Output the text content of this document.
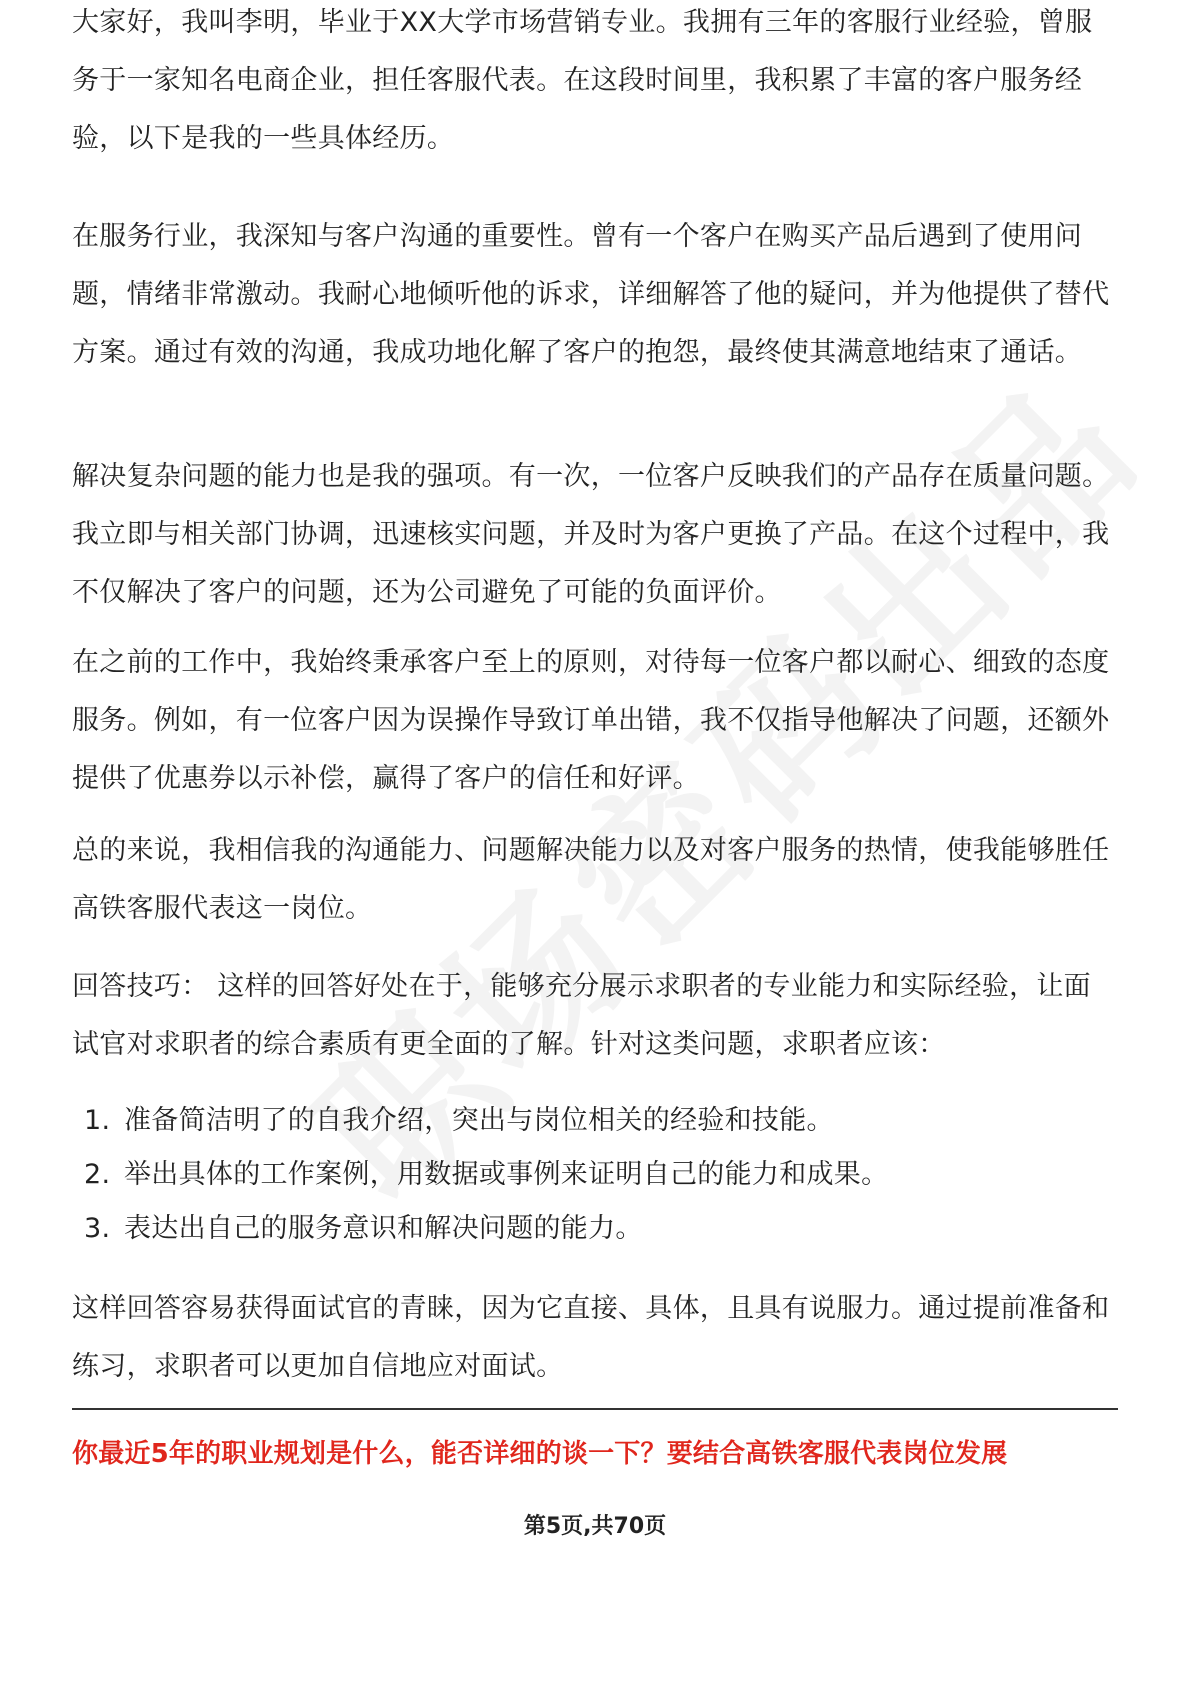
大家好，我叫李明，毕业于XX大学市场营销专业。我拥有三年的客服行业经验，曾服务于一家知名电商企业，担任客服代表。在这段时间里，我积累了丰富的客户服务经验，以下是我的一些具体经历。

在服务行业，我深知与客户沟通的重要性。曾有一个客户在购买产品后遇到了使用问题，情绪非常激动。我耐心地倾听他的诉求，详细解答了他的疑问，并为他提供了替代方案。通过有效的沟通，我成功地化解了客户的抱怨，最终使其满意地结束了通话。

解决复杂问题的能力也是我的强项。有一次，一位客户反映我们的产品存在质量问题。我立即与相关部门协调，迅速核实问题，并及时为客户更换了产品。在这个过程中，我不仅解决了客户的问题，还为公司避免了可能的负面评价。

在之前的工作中，我始终秉承客户至上的原则，对待每一位客户都以耐心、细致的态度服务。例如，有一位客户因为误操作导致订单出错，我不仅指导他解决了问题，还额外提供了优惠券以示补偿，赢得了客户的信任和好评。

总的来说，我相信我的沟通能力、问题解决能力以及对客户服务的热情，使我能够胜任高铁客服代表这一岗位。

回答技巧： 这样的回答好处在于，能够充分展示求职者的专业能力和实际经验，让面试官对求职者的综合素质有更全面的了解。针对这类问题，求职者应该：

1. 准备简洁明了的自我介绍，突出与岗位相关的经验和技能。
2. 举出具体的工作案例，用数据或事例来证明自己的能力和成果。
3. 表达出自己的服务意识和解决问题的能力。

这样回答容易获得面试官的青睐，因为它直接、具体，且具有说服力。通过提前准备和练习，求职者可以更加自信地应对面试。

你最近5年的职业规划是什么，能否详细的谈一下？要结合高铁客服代表岗位发展
第5页,共70页
